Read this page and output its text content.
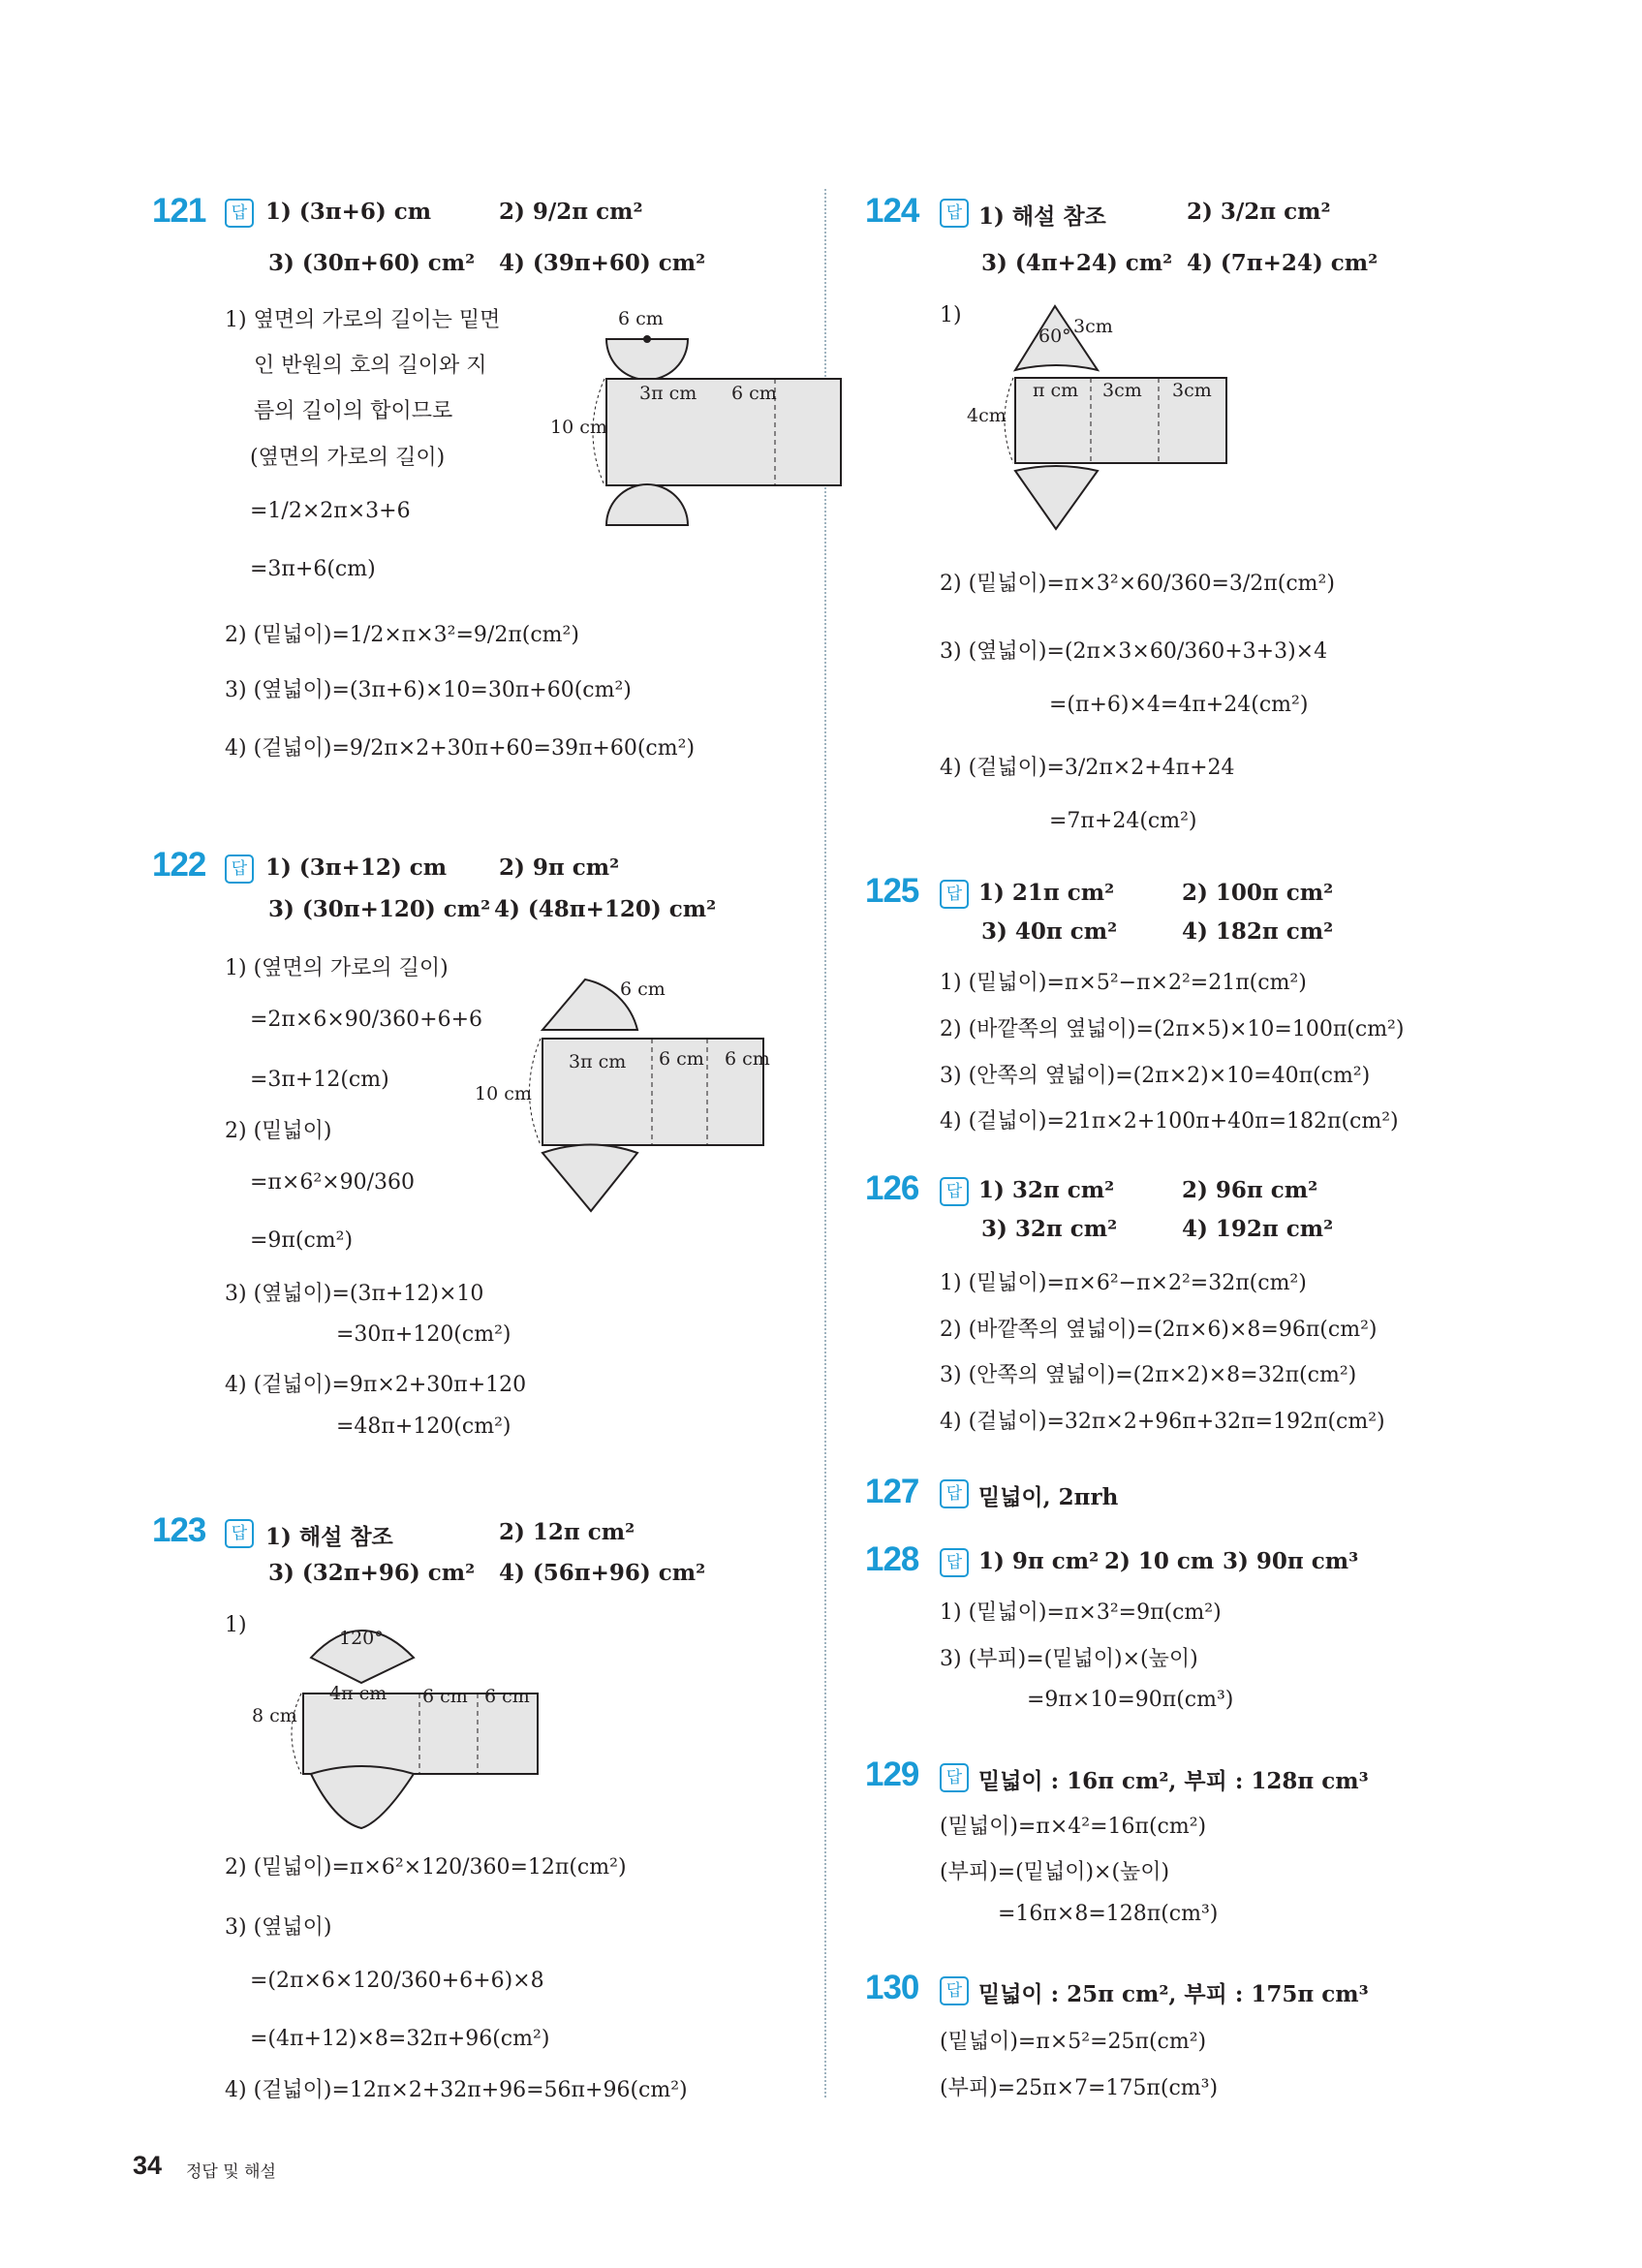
121	답 1) (3π+6) cm	2) 9/2π cm²
3) (30π+60) cm² 4) (39π+60) cm²
1) 옆면의 가로의 길이는 밑면
인 반원의 호의 길이와 지
름의 길이의 합이므로
(옆면의 가로의 길이)
=1/2×2π×3+6
=3π+6(cm)
2) (밑넓이)=1/2×π×3²=9/2π(cm²)
3) (옆넓이)=(3π+6)×10=30π+60(cm²)
4) (겉넓이)=9/2π×2+30π+60=39π+60(cm²)
6 cm
3π cm 6 cm
10 cm
122	답 1) (3π+12) cm 2) 9π cm²
3) (30π+120) cm² 4) (48π+120) cm²
1) (옆면의 가로의 길이)
=2π×6×90/360+6+6
=3π+12(cm)
2) (밑넓이)
=π×6²×90/360
=9π(cm²)
3) (옆넓이)=(3π+12)×10
=30π+120(cm²)
4) (겉넓이)=9π×2+30π+120
=48π+120(cm²)
6 cm
3π cm 6 cm 6 cm
10 cm
123	답 1) 해설 참조	2) 12π cm²
3) (32π+96) cm² 4) (56π+96) cm²
1)
2) (밑넓이)=π×6²×120/360=12π(cm²)
3) (옆넓이)
=(2π×6×120/360+6+6)×8
=(4π+12)×8=32π+96(cm²)
4) (겉넓이)=12π×2+32π+96=56π+96(cm²)
120°
4π cm 6 cm 6 cm
8 cm
124	답 1) 해설 참조	2) 3/2π cm²
3) (4π+24) cm² 4) (7π+24) cm²
1)
2) (밑넓이)=π×3²×60/360=3/2π(cm²)
3) (옆넓이)=(2π×3×60/360+3+3)×4
=(π+6)×4=4π+24(cm²)
4) (겉넓이)=3/2π×2+4π+24
=7π+24(cm²)
60° 3cm
π cm 3cm 3cm
4cm
125	답 1) 21π cm²	2) 100π cm²
3) 40π cm²	4) 182π cm²
1) (밑넓이)=π×5²−π×2²=21π(cm²)
2) (바깥쪽의 옆넓이)=(2π×5)×10=100π(cm²)
3) (안쪽의 옆넓이)=(2π×2)×10=40π(cm²)
4) (겉넓이)=21π×2+100π+40π=182π(cm²)
126	답 1) 32π cm²	2) 96π cm²
3) 32π cm²	4) 192π cm²
1) (밑넓이)=π×6²−π×2²=32π(cm²)
2) (바깥쪽의 옆넓이)=(2π×6)×8=96π(cm²)
3) (안쪽의 옆넓이)=(2π×2)×8=32π(cm²)
4) (겉넓이)=32π×2+96π+32π=192π(cm²)
127	답 밑넓이, 2πrh
128	답 1) 9π cm² 2) 10 cm 3) 90π cm³
1) (밑넓이)=π×3²=9π(cm²)
3) (부피)=(밑넓이)×(높이)
=9π×10=90π(cm³)
129	답 밑넓이 : 16π cm², 부피 : 128π cm³
(밑넓이)=π×4²=16π(cm²)
(부피)=(밑넓이)×(높이)
=16π×8=128π(cm³)
130	답 밑넓이 : 25π cm², 부피 : 175π cm³
(밑넓이)=π×5²=25π(cm²)
(부피)=25π×7=175π(cm³)
34 정답 및 해설
